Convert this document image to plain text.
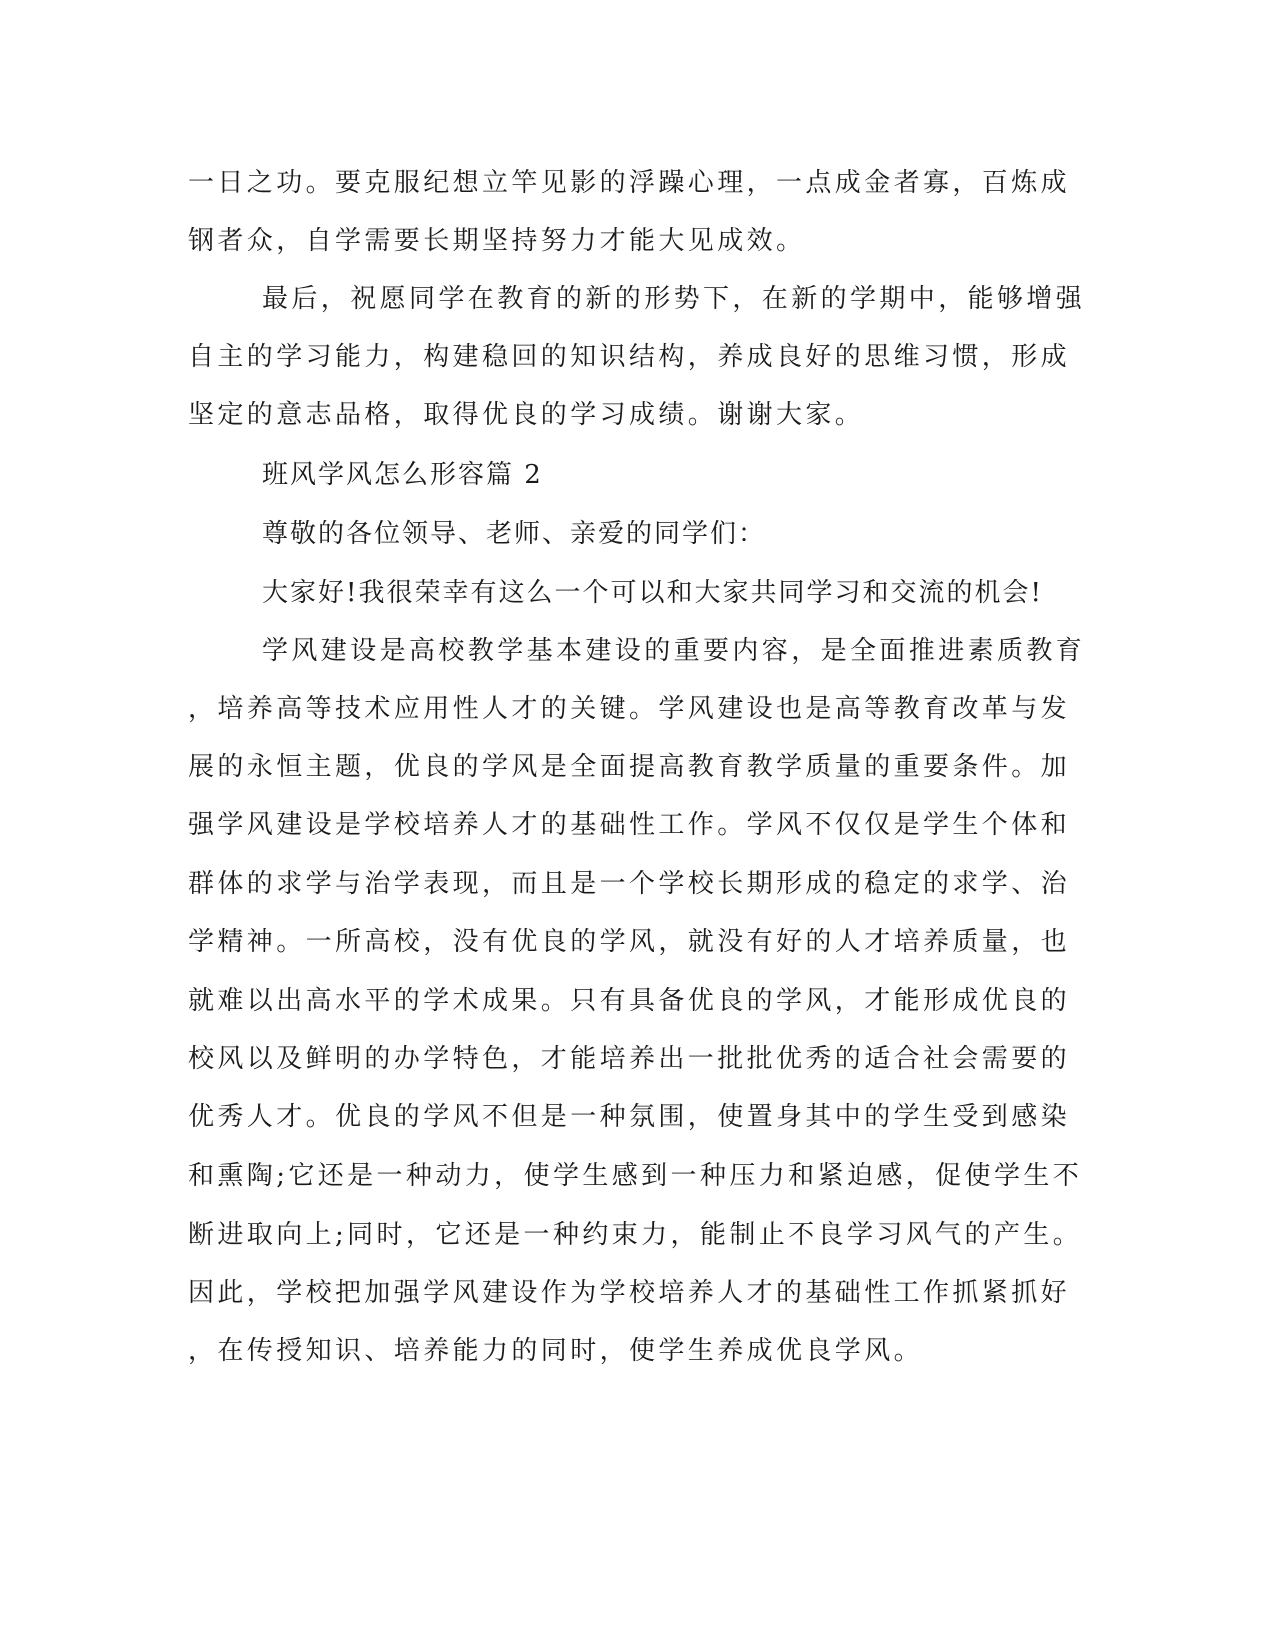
一日之功。要克服纪想立竿见影的浮躁心理，一点成金者寡，百炼成

钢者众，自学需要长期坚持努力才能大见成效。

最后，祝愿同学在教育的新的形势下，在新的学期中，能够增强

自主的学习能力，构建稳回的知识结构，养成良好的思维习惯，形成

坚定的意志品格，取得优良的学习成绩。谢谢大家。

班风学风怎么形容篇 2

尊敬的各位领导、老师、亲爱的同学们：

大家好!我很荣幸有这么一个可以和大家共同学习和交流的机会!

学风建设是高校教学基本建设的重要内容，是全面推进素质教育

，培养高等技术应用性人才的关键。学风建设也是高等教育改革与发

展的永恒主题，优良的学风是全面提高教育教学质量的重要条件。加

强学风建设是学校培养人才的基础性工作。学风不仅仅是学生个体和

群体的求学与治学表现，而且是一个学校长期形成的稳定的求学、治

学精神。一所高校，没有优良的学风，就没有好的人才培养质量，也

就难以出高水平的学术成果。只有具备优良的学风，才能形成优良的

校风以及鲜明的办学特色，才能培养出一批批优秀的适合社会需要的

优秀人才。优良的学风不但是一种氛围，使置身其中的学生受到感染

和熏陶;它还是一种动力，使学生感到一种压力和紧迫感，促使学生不

断进取向上;同时，它还是一种约束力，能制止不良学习风气的产生。

因此，学校把加强学风建设作为学校培养人才的基础性工作抓紧抓好

，在传授知识、培养能力的同时，使学生养成优良学风。
